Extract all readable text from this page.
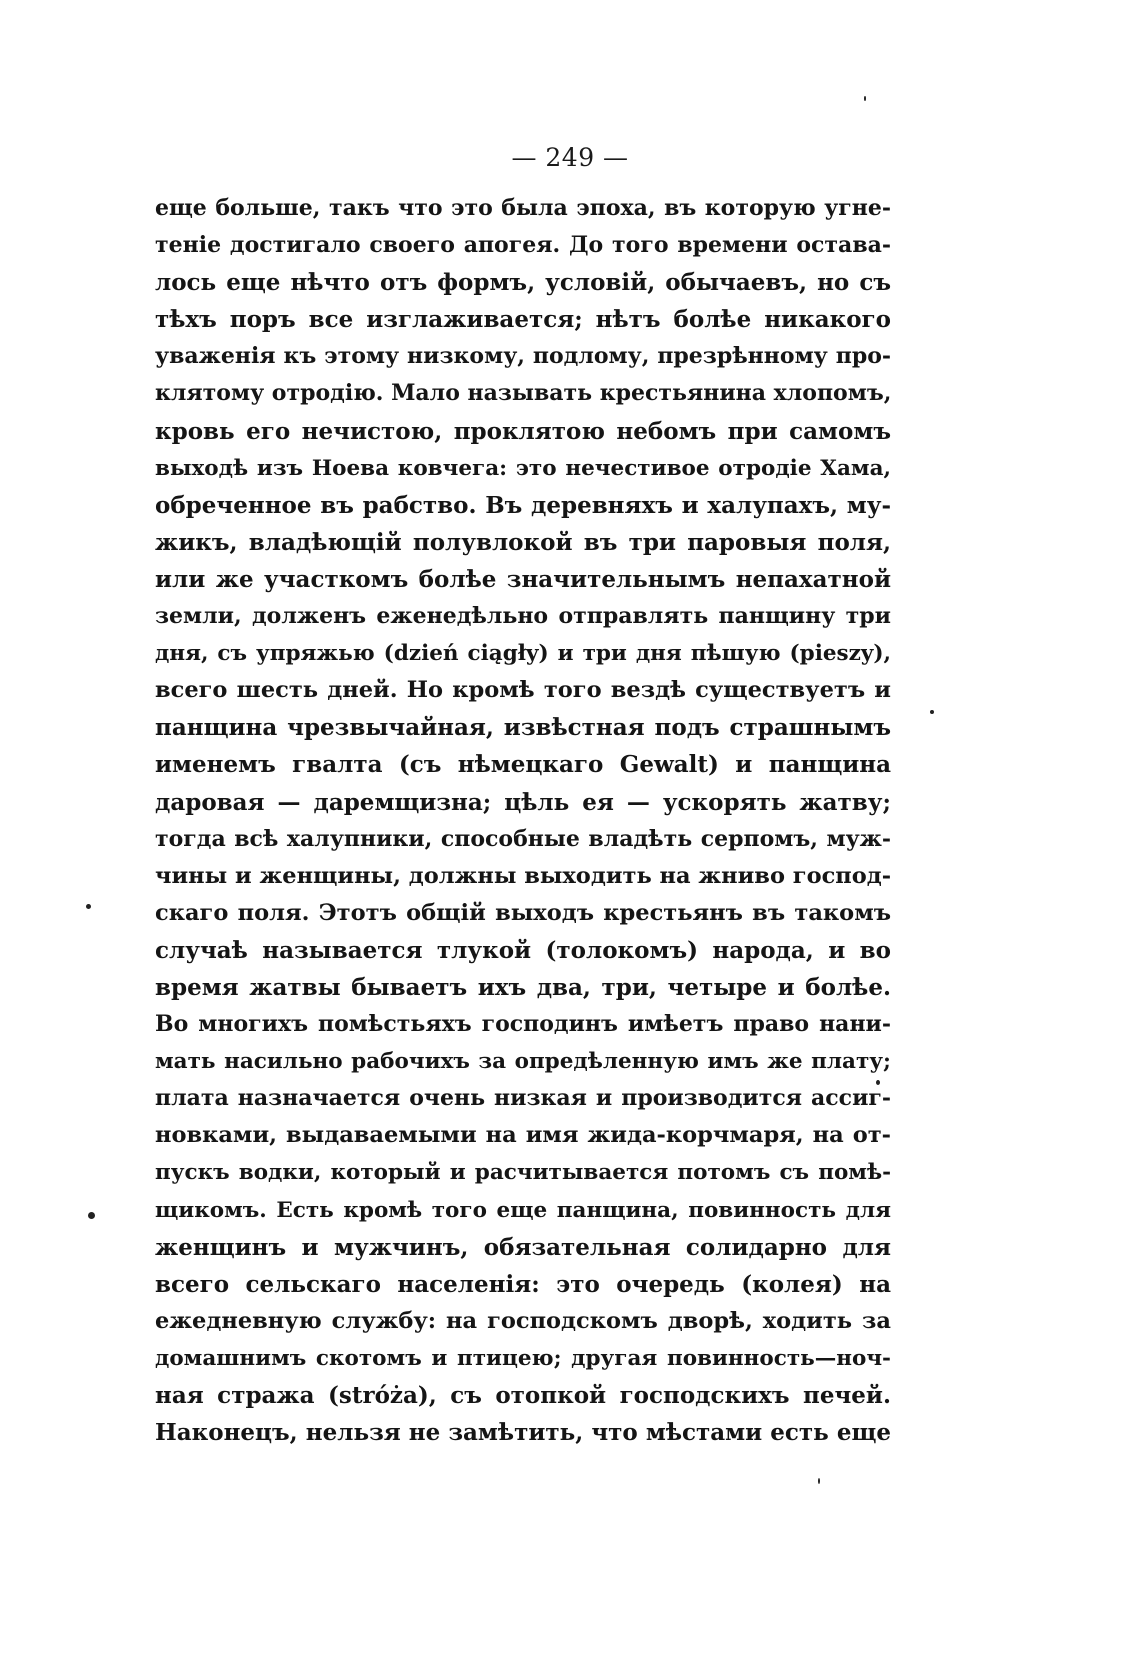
— 249 —
еще больше, такъ что это была эпоха, въ которую угне-
теніе достигало своего апогея. До того времени остава-
лось еще нѣчто отъ формъ, условій, обычаевъ, но съ
тѣхъ поръ все изглаживается; нѣтъ болѣе никакого
уваженія къ этому низкому, подлому, презрѣнному про-
клятому отродію. Мало называть крестьянина хлопомъ,
кровь его нечистою, проклятою небомъ при самомъ
выходѣ изъ Ноева ковчега: это нечестивое отродіе Хама,
обреченное въ рабство. Въ деревняхъ и халупахъ, му-
жикъ, владѣющій полувлокой въ три паровыя поля,
или же участкомъ болѣе значительнымъ непахатной
земли, долженъ еженедѣльно отправлять панщину три
дня, съ упряжью (dzień ciągły) и три дня пѣшую (pieszy),
всего шесть дней. Но кромѣ того вездѣ существуетъ и
панщина чрезвычайная, извѣстная подъ страшнымъ
именемъ гвалта (съ нѣмецкаго Gewalt) и панщина
даровая — даремщизна; цѣль ея — ускорять жатву;
тогда всѣ халупники, способные владѣть серпомъ, муж-
чины и женщины, должны выходить на жниво господ-
скаго поля. Этотъ общій выходъ крестьянъ въ такомъ
случаѣ называется тлукой (толокомъ) народа, и во
время жатвы бываетъ ихъ два, три, четыре и болѣе.
Во многихъ помѣстьяхъ господинъ имѣетъ право нани-
мать насильно рабочихъ за опредѣленную имъ же плату;
плата назначается очень низкая и производится ассиг-
новками, выдаваемыми на имя жида-корчмаря, на от-
пускъ водки, который и расчитывается потомъ съ помѣ-
щикомъ. Есть кромѣ того еще панщина, повинность для
женщинъ и мужчинъ, обязательная солидарно для
всего сельскаго населенія: это очередь (колея) на
ежедневную службу: на господскомъ дворѣ, ходить за
домашнимъ скотомъ и птицею; другая повинность—ноч-
ная стража (stróża), съ отопкой господскихъ печей.
Наконецъ, нельзя не замѣтить, что мѣстами есть еще
